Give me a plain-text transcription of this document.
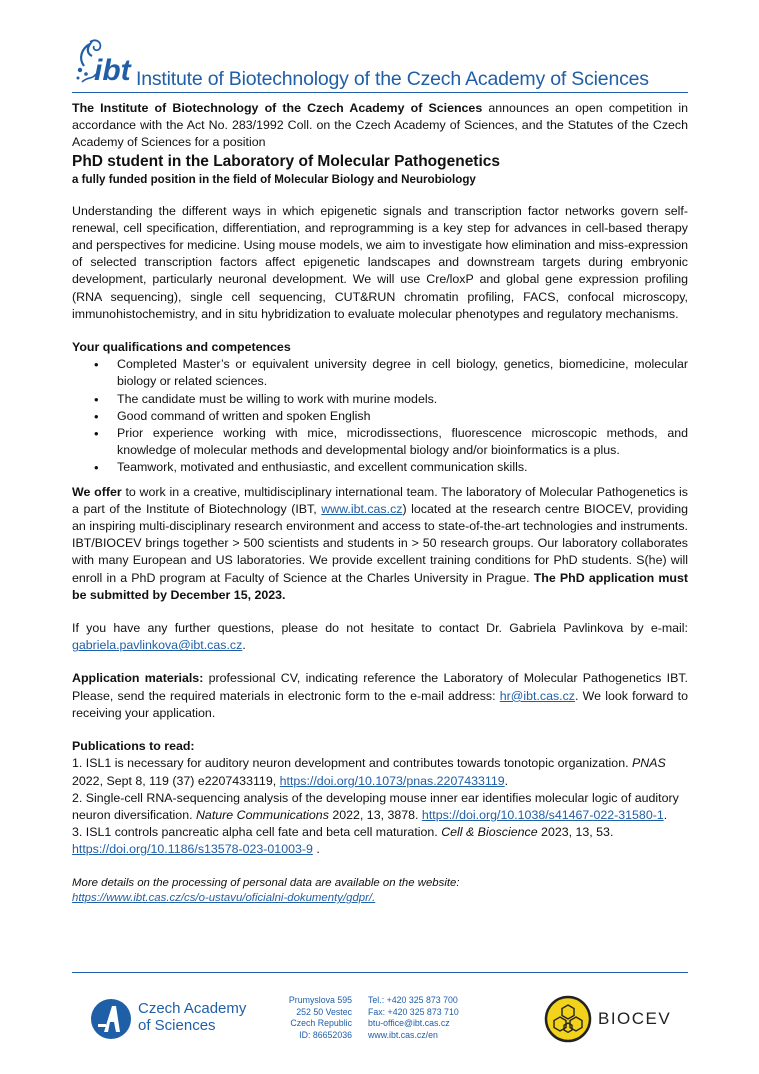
ibt Institute of Biotechnology of the Czech Academy of Sciences

The Institute of Biotechnology of the Czech Academy of Sciences announces an open competition in accordance with the Act No. 283/1992 Coll. on the Czech Academy of Sciences, and the Statutes of the Czech Academy of Sciences for a position

PhD student in the Laboratory of Molecular Pathogenetics

a fully funded position in the field of Molecular Biology and Neurobiology

Understanding the different ways in which epigenetic signals and transcription factor networks govern self-renewal, cell specification, differentiation, and reprogramming is a key step for advances in cell-based therapy and perspectives for medicine. Using mouse models, we aim to investigate how elimination and miss-expression of selected transcription factors affect epigenetic landscapes and downstream targets during embryonic development, particularly neuronal development. We will use Cre/loxP and global gene expression profiling (RNA sequencing), single cell sequencing, CUT&RUN chromatin profiling, FACS, confocal microscopy, immunohistochemistry, and in situ hybridization to evaluate molecular phenotypes and regulatory mechanisms.

Your qualifications and competences

• Completed Master’s or equivalent university degree in cell biology, genetics, biomedicine, molecular biology or related sciences.
• The candidate must be willing to work with murine models.
• Good command of written and spoken English
• Prior experience working with mice, microdissections, fluorescence microscopic methods, and knowledge of molecular methods and developmental biology and/or bioinformatics is a plus.
• Teamwork, motivated and enthusiastic, and excellent communication skills.

We offer to work in a creative, multidisciplinary international team. The laboratory of Molecular Pathogenetics is a part of the Institute of Biotechnology (IBT, www.ibt.cas.cz) located at the research centre BIOCEV, providing an inspiring multi-disciplinary research environment and access to state-of-the-art technologies and instruments. IBT/BIOCEV brings together > 500 scientists and students in > 50 research groups. Our laboratory collaborates with many European and US laboratories. We provide excellent training conditions for PhD students. S(he) will enroll in a PhD program at Faculty of Science at the Charles University in Prague. The PhD application must be submitted by December 15, 2023.

If you have any further questions, please do not hesitate to contact Dr. Gabriela Pavlinkova by e-mail: gabriela.pavlinkova@ibt.cas.cz.

Application materials: professional CV, indicating reference the Laboratory of Molecular Pathogenetics IBT. Please, send the required materials in electronic form to the e-mail address: hr@ibt.cas.cz. We look forward to receiving your application.

Publications to read:

1. ISL1 is necessary for auditory neuron development and contributes towards tonotopic organization. PNAS 2022, Sept 8, 119 (37) e2207433119, https://doi.org/10.1073/pnas.2207433119.

2. Single-cell RNA-sequencing analysis of the developing mouse inner ear identifies molecular logic of auditory neuron diversification. Nature Communications 2022, 13, 3878. https://doi.org/10.1038/s41467-022-31580-1.

3. ISL1 controls pancreatic alpha cell fate and beta cell maturation. Cell & Bioscience 2023, 13, 53. https://doi.org/10.1186/s13578-023-01003-9 .

More details on the processing of personal data are available on the website:
https://www.ibt.cas.cz/cs/o-ustavu/oficialni-dokumenty/gdpr/.

Czech Academy
of Sciences
Prumyslova 595
252 50 Vestec
Czech Republic
ID: 86652036
Tel.: +420 325 873 700
Fax: +420 325 873 710
btu-office@ibt.cas.cz
www.ibt.cas.cz/en
BIOCEV
